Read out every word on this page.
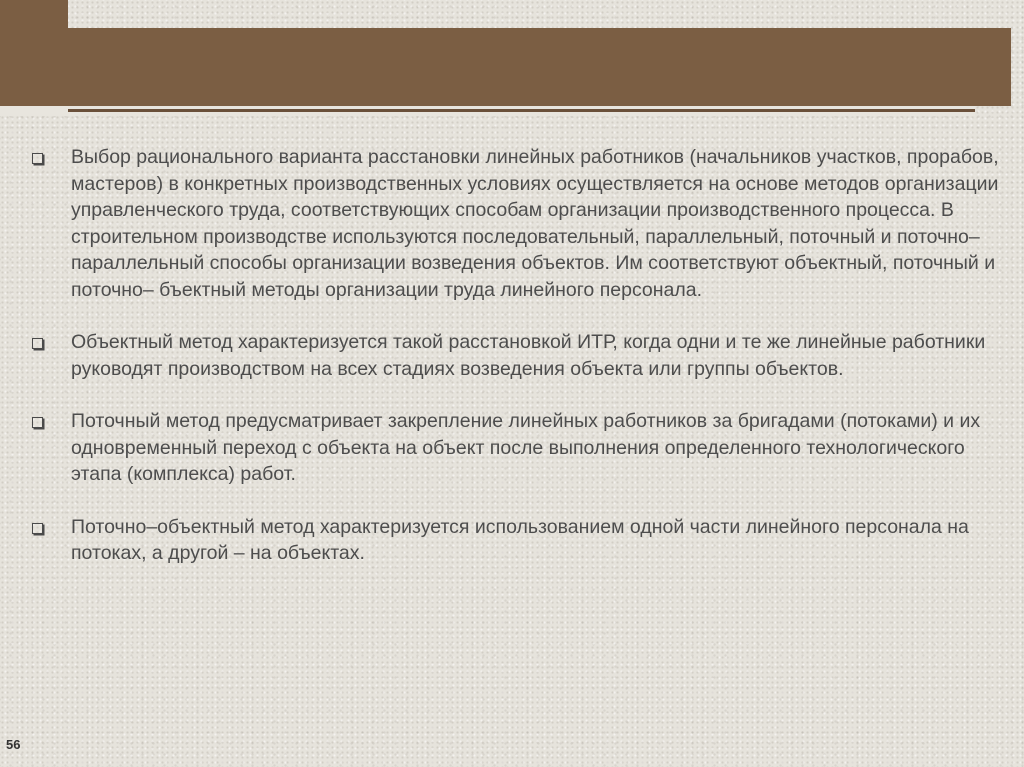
Выбор рационального варианта расстановки линейных работников (начальников участков, прорабов, мастеров) в конкретных производственных условиях осуществляется на основе методов организации управленческого труда, соответствующих способам организации производственного процесса. В строительном производстве используются последовательный, параллельный, поточный и поточно–параллельный способы организации возведения объектов. Им соответствуют объектный, поточный и поточно– бъектный методы организации труда линейного персонала.

Объектный метод характеризуется такой расстановкой ИТР, когда одни и те же линейные работники руководят производством на всех стадиях возведения объекта или группы объектов.

Поточный метод предусматривает закрепление линейных работников за бригадами (потоками) и их одновременный переход с объекта на объект после выполнения определенного технологического этапа (комплекса) работ.

Поточно–объектный метод характеризуется использованием одной части линейного персонала на потоках, а другой – на объектах.

56
